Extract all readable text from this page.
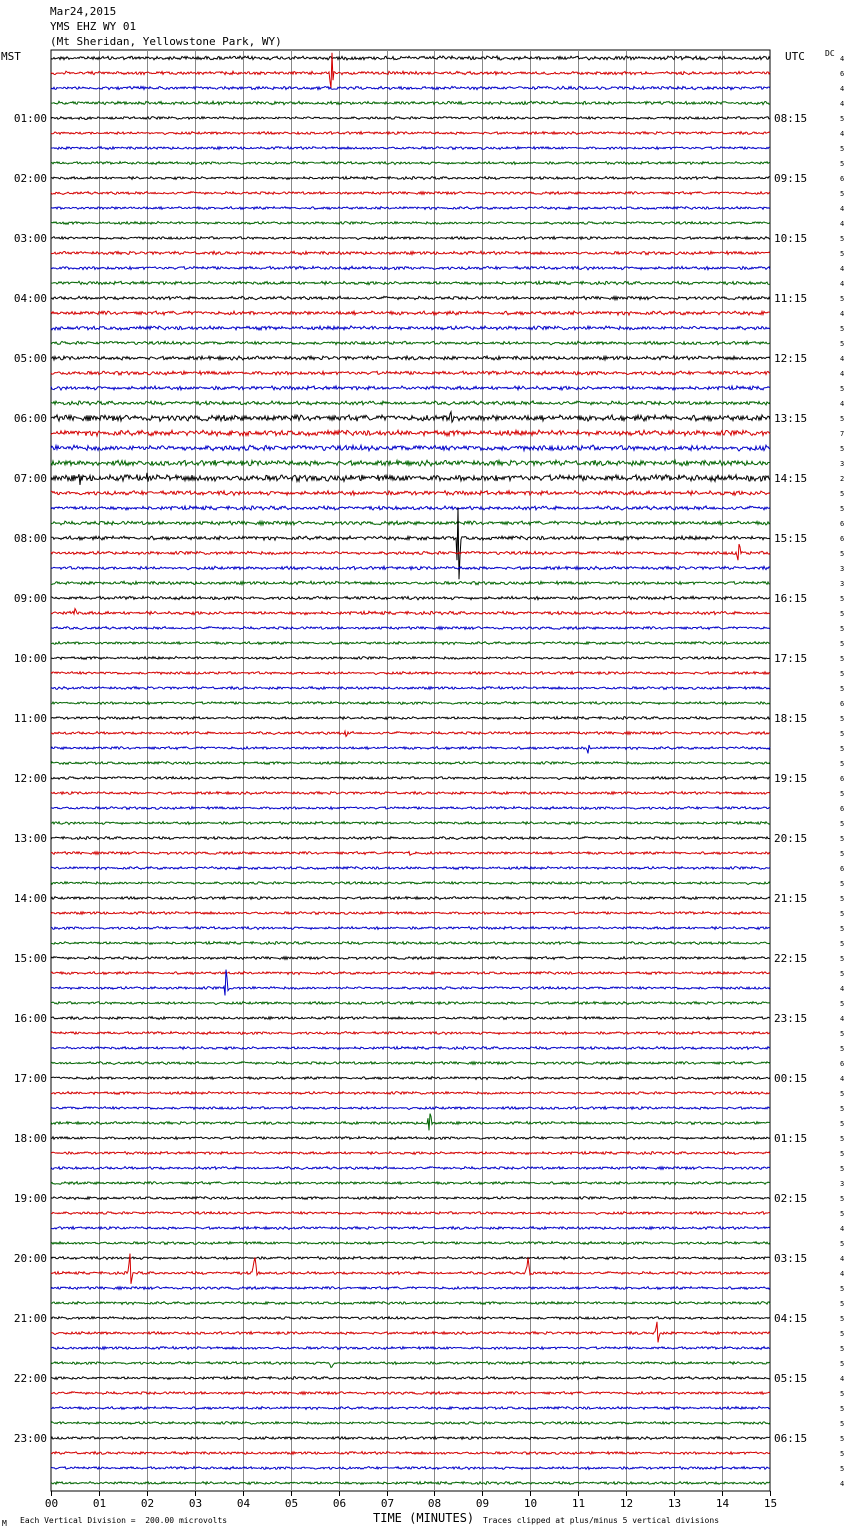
4
6
4
4
5
4
5
5
6
5
4
4
5
5
4
4
5
4
5
5
4
4
5
4
5
7
5
3
2
5
5
6
6
5
3
3
5
5
5
5
5
5
5
6
5
5
5
5
6
5
6
5
5
5
6
5
5
5
5
5
5
5
4
5
4
5
5
6
4
5
5
5
5
5
5
3
5
5
4
5
4
4
5
5
5
5
5
5
4
5
5
5
5
5
5
4
01:00
02:00
03:00
04:00
05:00
06:00
07:00
08:00
09:00
10:00
11:00
12:00
13:00
14:00
15:00
16:00
17:00
18:00
19:00
20:00
21:00
22:00
23:00
08:15
09:15
10:15
11:15
12:15
13:15
14:15
15:15
16:15
17:15
18:15
19:15
20:15
21:15
22:15
23:15
00:15
01:15
02:15
03:15
04:15
05:15
06:15
00	01	02	03	04	05	06	07	08	09	10	11	12	13	14	15
Mar24,2015
YMS EHZ WY 01
(Mt Sheridan, Yellowstone Park, WY)
MST	UTC	DC
TIME (MINUTES)
M Each Vertical Division =  200.00 microvolts	Traces clipped at plus/minus 5 vertical divisions
